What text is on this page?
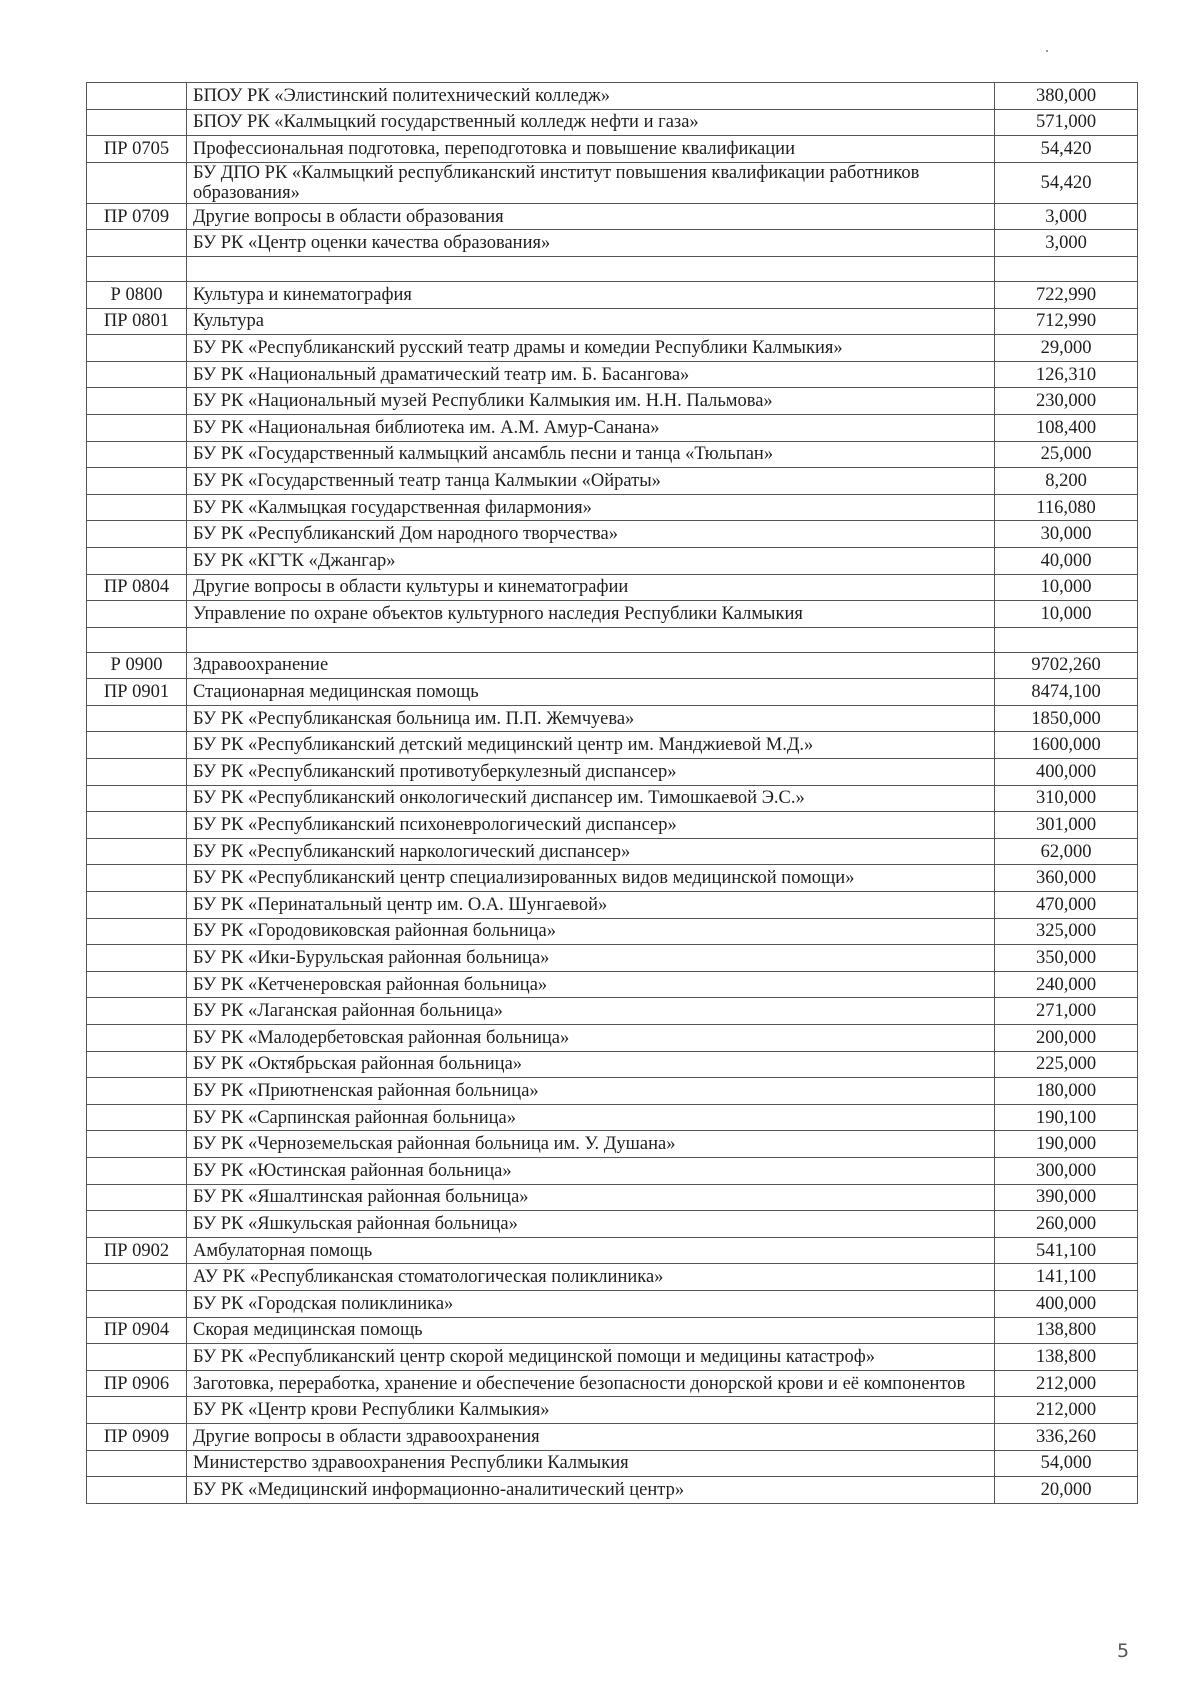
	БПОУ РК «Элистинский политехнический колледж»	380,000
	БПОУ РК «Калмыцкий государственный колледж нефти и газа»	571,000
ПР 0705	Профессиональная подготовка, переподготовка и повышение квалификации	54,420
	БУ ДПО РК «Калмыцкий республиканский институт повышения квалификации работников образования»	54,420
ПР 0709	Другие вопросы в области образования	3,000
	БУ РК «Центр оценки качества образования»	3,000

Р 0800	Культура и кинематография	722,990
ПР 0801	Культура	712,990
	БУ РК «Республиканский русский театр драмы и комедии Республики Калмыкия»	29,000
	БУ РК «Национальный драматический театр им. Б. Басангова»	126,310
	БУ РК «Национальный музей Республики Калмыкия им. Н.Н. Пальмова»	230,000
	БУ РК «Национальная библиотека им. А.М. Амур-Санана»	108,400
	БУ РК «Государственный калмыцкий ансамбль песни и танца «Тюльпан»	25,000
	БУ РК «Государственный театр танца Калмыкии «Ойраты»	8,200
	БУ РК «Калмыцкая государственная филармония»	116,080
	БУ РК «Республиканский Дом народного творчества»	30,000
	БУ РК «КГТК «Джангар»	40,000
ПР 0804	Другие вопросы в области культуры и кинематографии	10,000
	Управление по охране объектов культурного наследия Республики Калмыкия	10,000

Р 0900	Здравоохранение	9702,260
ПР 0901	Стационарная медицинская помощь	8474,100
	БУ РК «Республиканская больница им. П.П. Жемчуева»	1850,000
	БУ РК «Республиканский детский медицинский центр им. Манджиевой М.Д.»	1600,000
	БУ РК «Республиканский противотуберкулезный диспансер»	400,000
	БУ РК «Республиканский онкологический диспансер им. Тимошкаевой Э.С.»	310,000
	БУ РК «Республиканский психоневрологический диспансер»	301,000
	БУ РК «Республиканский наркологический диспансер»	62,000
	БУ РК «Республиканский центр специализированных видов медицинской помощи»	360,000
	БУ РК «Перинатальный центр им. О.А. Шунгаевой»	470,000
	БУ РК «Городовиковская районная больница»	325,000
	БУ РК «Ики-Бурульская районная больница»	350,000
	БУ РК «Кетченеровская районная больница»	240,000
	БУ РК «Лаганская районная больница»	271,000
	БУ РК «Малодербетовская районная больница»	200,000
	БУ РК «Октябрьская районная больница»	225,000
	БУ РК «Приютненская районная больница»	180,000
	БУ РК «Сарпинская районная больница»	190,100
	БУ РК «Черноземельская районная больница им. У. Душана»	190,000
	БУ РК «Юстинская районная больница»	300,000
	БУ РК «Яшалтинская районная больница»	390,000
	БУ РК «Яшкульская районная больница»	260,000
ПР 0902	Амбулаторная помощь	541,100
	АУ РК «Республиканская стоматологическая поликлиника»	141,100
	БУ РК «Городская поликлиника»	400,000
ПР 0904	Скорая медицинская помощь	138,800
	БУ РК «Республиканский центр скорой медицинской помощи и медицины катастроф»	138,800
ПР 0906	Заготовка, переработка, хранение и обеспечение безопасности донорской крови и её компонентов	212,000
	БУ РК «Центр крови Республики Калмыкия»	212,000
ПР 0909	Другие вопросы в области здравоохранения	336,260
	Министерство здравоохранения Республики Калмыкия	54,000
	БУ РК «Медицинский информационно-аналитический центр»	20,000
5
